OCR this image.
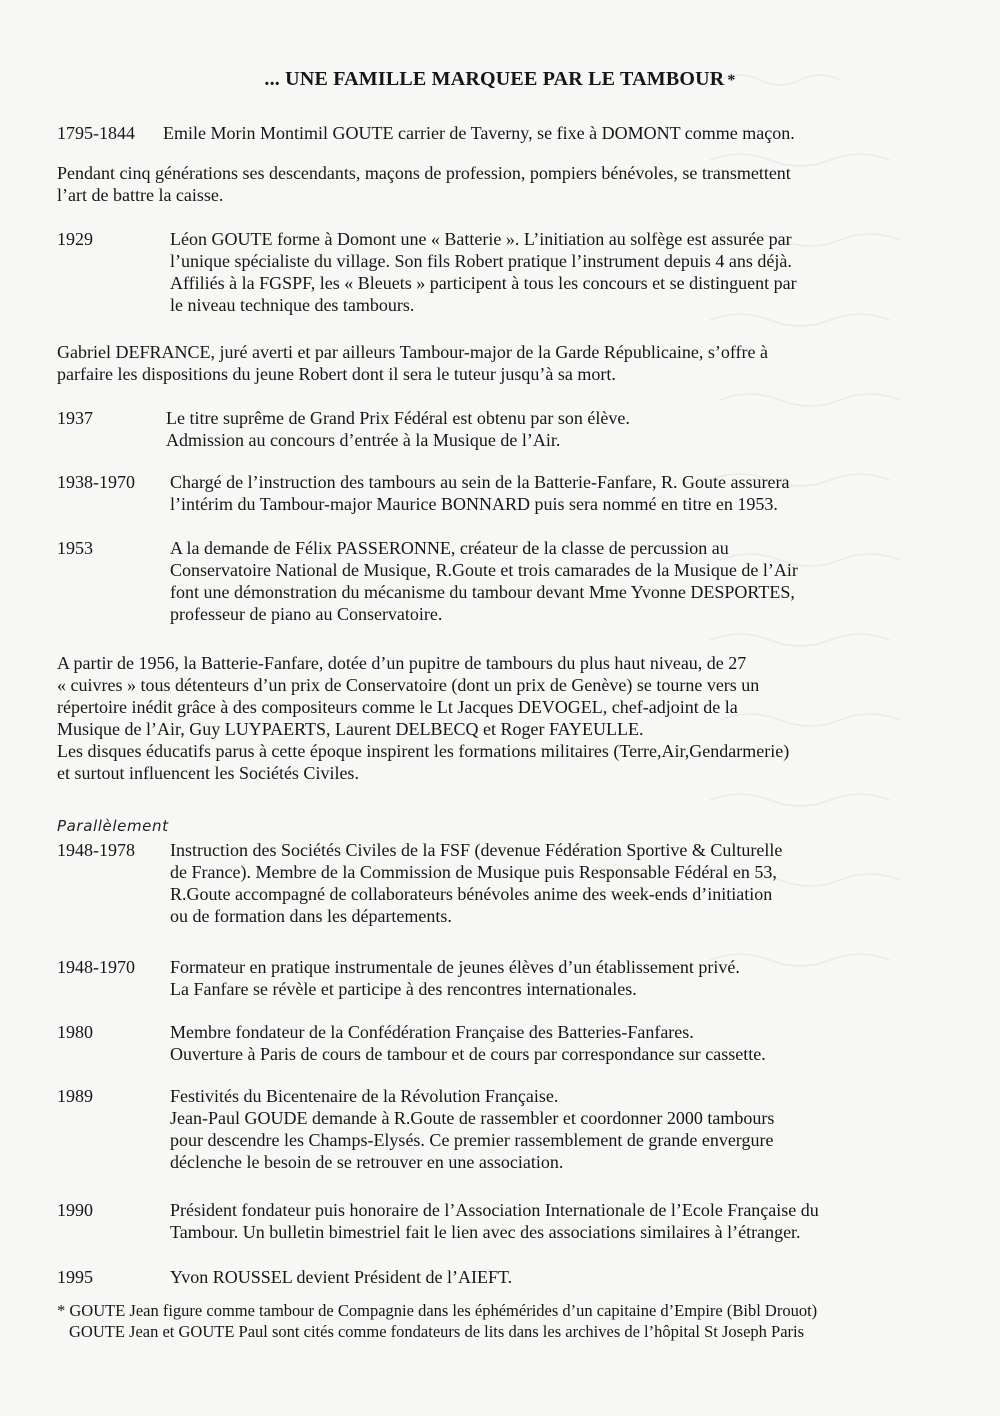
... UNE FAMILLE MARQUEE PAR LE TAMBOUR *
1795-1844 Emile Morin Montimil GOUTE carrier de Taverny, se fixe à DOMONT comme maçon.
Pendant cinq générations ses descendants, maçons de profession, pompiers bénévoles, se transmettent
l’art de battre la caisse.
1929	Léon GOUTE forme à Domont une « Batterie ». L’initiation au solfège est assurée par
l’unique spécialiste du village. Son fils Robert pratique l’instrument depuis 4 ans déjà.
Affiliés à la FGSPF, les « Bleuets » participent à tous les concours et se distinguent par
le niveau technique des tambours.
Gabriel DEFRANCE, juré averti et par ailleurs Tambour-major de la Garde Républicaine, s’offre à
parfaire les dispositions du jeune Robert dont il sera le tuteur jusqu’à sa mort.
1937	Le titre suprême de Grand Prix Fédéral est obtenu par son élève.
Admission au concours d’entrée à la Musique de l’Air.
1938-1970 Chargé de l’instruction des tambours au sein de la Batterie-Fanfare, R. Goute assurera
l’intérim du Tambour-major Maurice BONNARD puis sera nommé en titre en 1953.
1953	A la demande de Félix PASSERONNE, créateur de la classe de percussion au
Conservatoire National de Musique, R.Goute et trois camarades de la Musique de l’Air
font une démonstration du mécanisme du tambour devant Mme Yvonne DESPORTES,
professeur de piano au Conservatoire.
A partir de 1956, la Batterie-Fanfare, dotée d’un pupitre de tambours du plus haut niveau, de 27
« cuivres » tous détenteurs d’un prix de Conservatoire (dont un prix de Genève) se tourne vers un
répertoire inédit grâce à des compositeurs comme le Lt Jacques DEVOGEL, chef-adjoint de la
Musique de l’Air, Guy LUYPAERTS, Laurent DELBECQ et Roger FAYEULLE.
Les disques éducatifs parus à cette époque inspirent les formations militaires (Terre,Air,Gendarmerie)
et surtout influencent les Sociétés Civiles.
Parallèlement
1948-1978 Instruction des Sociétés Civiles de la FSF (devenue Fédération Sportive & Culturelle
de France). Membre de la Commission de Musique puis Responsable Fédéral en 53,
R.Goute accompagné de collaborateurs bénévoles anime des week-ends d’initiation
ou de formation dans les départements.
1948-1970 Formateur en pratique instrumentale de jeunes élèves d’un établissement privé.
La Fanfare se révèle et participe à des rencontres internationales.
1980	Membre fondateur de la Confédération Française des Batteries-Fanfares.
Ouverture à Paris de cours de tambour et de cours par correspondance sur cassette.
1989	Festivités du Bicentenaire de la Révolution Française.
Jean-Paul GOUDE demande à R.Goute de rassembler et coordonner 2000 tambours
pour descendre les Champs-Elysés. Ce premier rassemblement de grande envergure
déclenche le besoin de se retrouver en une association.
1990	Président fondateur puis honoraire de l’Association Internationale de l’Ecole Française du
Tambour. Un bulletin bimestriel fait le lien avec des associations similaires à l’étranger.
1995	Yvon ROUSSEL devient Président de l’AIEFT.
* GOUTE Jean figure comme tambour de Compagnie dans les éphémérides d’un capitaine d’Empire (Bibl Drouot)
GOUTE Jean et GOUTE Paul sont cités comme fondateurs de lits dans les archives de l’hôpital St Joseph Paris
